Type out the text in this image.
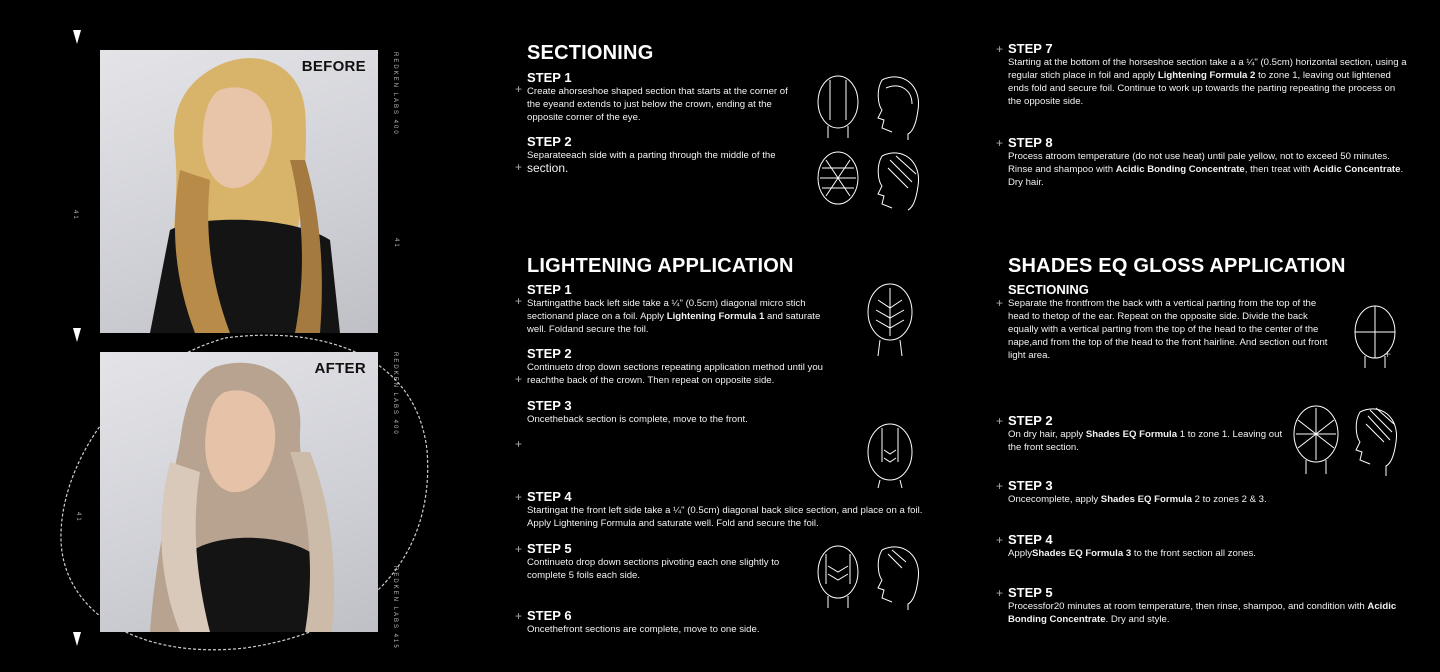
REDKEN LABS 400
REDKEN LABS 400
REDKEN LABS 415
41
41
41
BEFORE
AFTER
SECTIONING
STEP 1
Create ahorseshoe shaped section that starts at the corner of the eyeand extends to just below the crown, ending at the opposite corner of the eye.
+
STEP 2
Separateeach side with a parting through the middle of the
section.
+
LIGHTENING APPLICATION
STEP 1
Startingatthe back left side take a ¼" (0.5cm) diagonal micro stich sectionand place on a foil. Apply Lightening Formula 1 and saturate well. Foldand secure the foil.
+
STEP 2
Continueto drop down sections repeating application method until you reachthe back of the crown. Then repeat on opposite side.
+
STEP 3
Oncetheback section is complete, move to the front.
+
STEP 4
Startingat the front left side take a ¼" (0.5cm) diagonal back slice section, and place on a foil. Apply Lightening Formula and saturate well. Fold and secure the foil.
+
STEP 5
Continueto drop down sections pivoting each one slightly to complete 5 foils each side.
+
STEP 6
Oncethefront sections are complete, move to one side.
+
STEP 7
Starting at the bottom of the horseshoe section take a a ¼" (0.5cm) horizontal section, using a regular stich place in foil and apply Lightening Formula 2 to zone 1, leaving out lightened ends fold and secure foil. Continue to work up towards the parting repeating the process on the opposite side.
+
STEP 8
Process atroom temperature (do not use heat) until pale yellow, not to exceed 50 minutes. Rinse and shampoo with Acidic Bonding Concentrate, then treat with Acidic Concentrate. Dry hair.
+
SHADES EQ GLOSS APPLICATION
SECTIONING
Separate the frontfrom the back with a vertical parting from the top of the head to thetop of the ear. Repeat on the opposite side. Divide the back equally with a vertical parting from the top of the head to the center of the nape,and from the top of the head to the front hairline. And section out front light area.
+
+
STEP 2
On dry hair, apply Shades EQ Formula 1 to zone 1. Leaving out the front section.
+
STEP 3
Oncecomplete, apply Shades EQ Formula 2 to zones 2 & 3.
+
STEP 4
ApplyShades EQ Formula 3 to the front section all zones.
+
STEP 5
Processfor20 minutes at room temperature, then rinse, shampoo, and condition with Acidic Bonding Concentrate. Dry and style.
+
